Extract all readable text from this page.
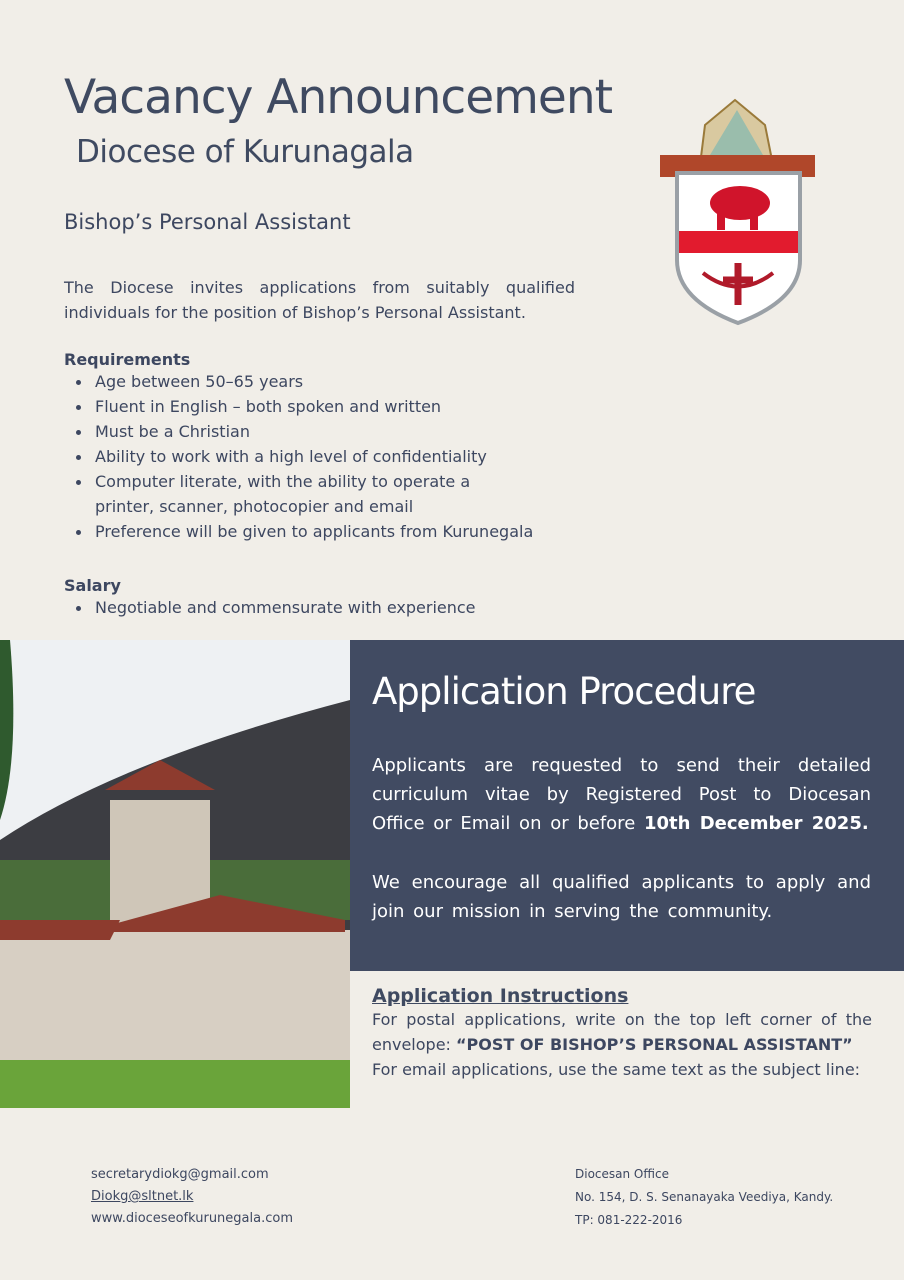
Vacancy Announcement
Diocese of Kurunagala
Bishop’s Personal Assistant
The Diocese invites applications from suitably qualified individuals for the position of Bishop’s Personal Assistant.
Requirements
Age between 50–65 years
Fluent in English – both spoken and written
Must be a Christian
Ability to work with a high level of confidentiality
Computer literate, with the ability to operate a printer, scanner, photocopier and email
Preference will be given to applicants from Kurunegala
Salary
Negotiable and commensurate with experience
Application Procedure

Applicants are requested to send their detailed curriculum vitae by Registered Post to Diocesan Office or Email on or before 10th December 2025.

We encourage all qualified applicants to apply and join our mission in serving the community.

Application Instructions
For postal applications, write on the top left corner of the envelope: “POST OF BISHOP’S PERSONAL ASSISTANT”
For email applications, use the same text as the subject line:
secretarydiokg@gmail.com
Diokg@sltnet.lk
www.dioceseofkurunegala.com
Diocesan Office
No. 154, D. S. Senanayaka Veediya, Kandy.
TP: 081-222-2016
